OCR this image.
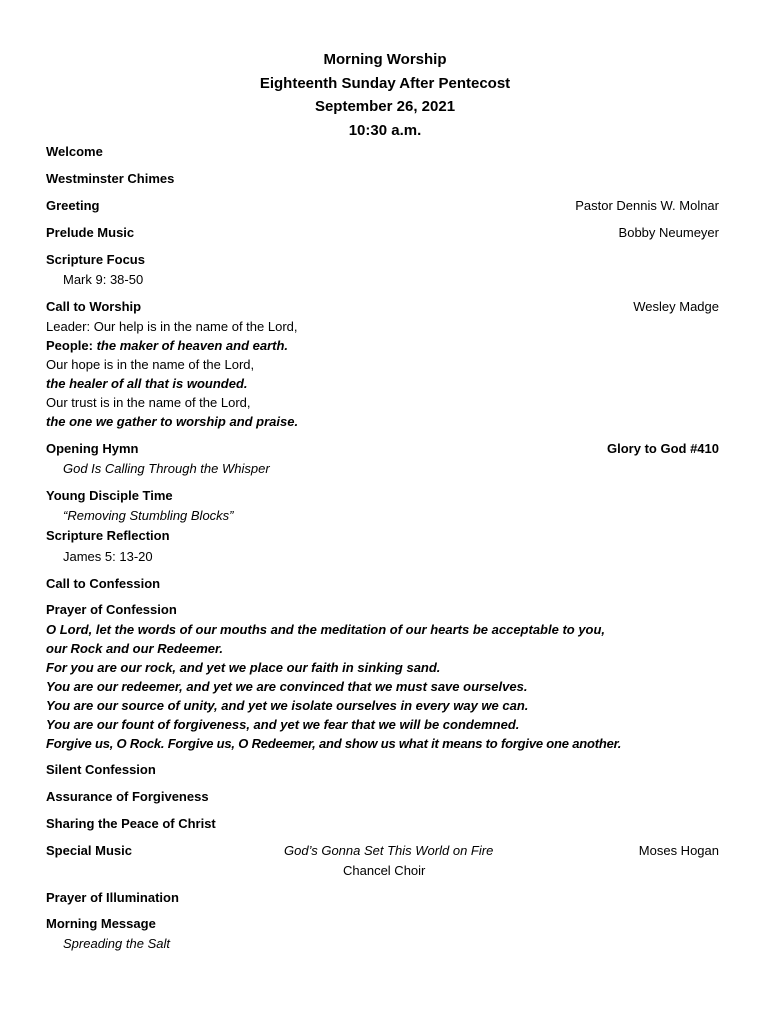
Morning Worship
Eighteenth Sunday After Pentecost
September 26, 2021
10:30 a.m.
Welcome
Westminster Chimes
Greeting	Pastor Dennis W. Molnar
Prelude Music	Bobby Neumeyer
Scripture Focus
Mark 9: 38-50
Call to Worship	Wesley Madge
Leader: Our help is in the name of the Lord,
People: the maker of heaven and earth.
Our hope is in the name of the Lord,
the healer of all that is wounded.
Our trust is in the name of the Lord,
the one we gather to worship and praise.
Opening Hymn	Glory to God #410
God Is Calling Through the Whisper
Young Disciple Time
“Removing Stumbling Blocks”
Scripture Reflection
James 5: 13-20
Call to Confession
Prayer of Confession
O Lord, let the words of our mouths and the meditation of our hearts be acceptable to you,
our Rock and our Redeemer.
For you are our rock, and yet we place our faith in sinking sand.
You are our redeemer, and yet we are convinced that we must save ourselves.
You are our source of unity, and yet we isolate ourselves in every way we can.
You are our fount of forgiveness, and yet we fear that we will be condemned.
Forgive us, O Rock. Forgive us, O Redeemer, and show us what it means to forgive one another.
Silent Confession
Assurance of Forgiveness
Sharing the Peace of Christ
Special Music	God’s Gonna Set This World on Fire	Moses Hogan
Chancel Choir
Prayer of Illumination
Morning Message
Spreading the Salt
